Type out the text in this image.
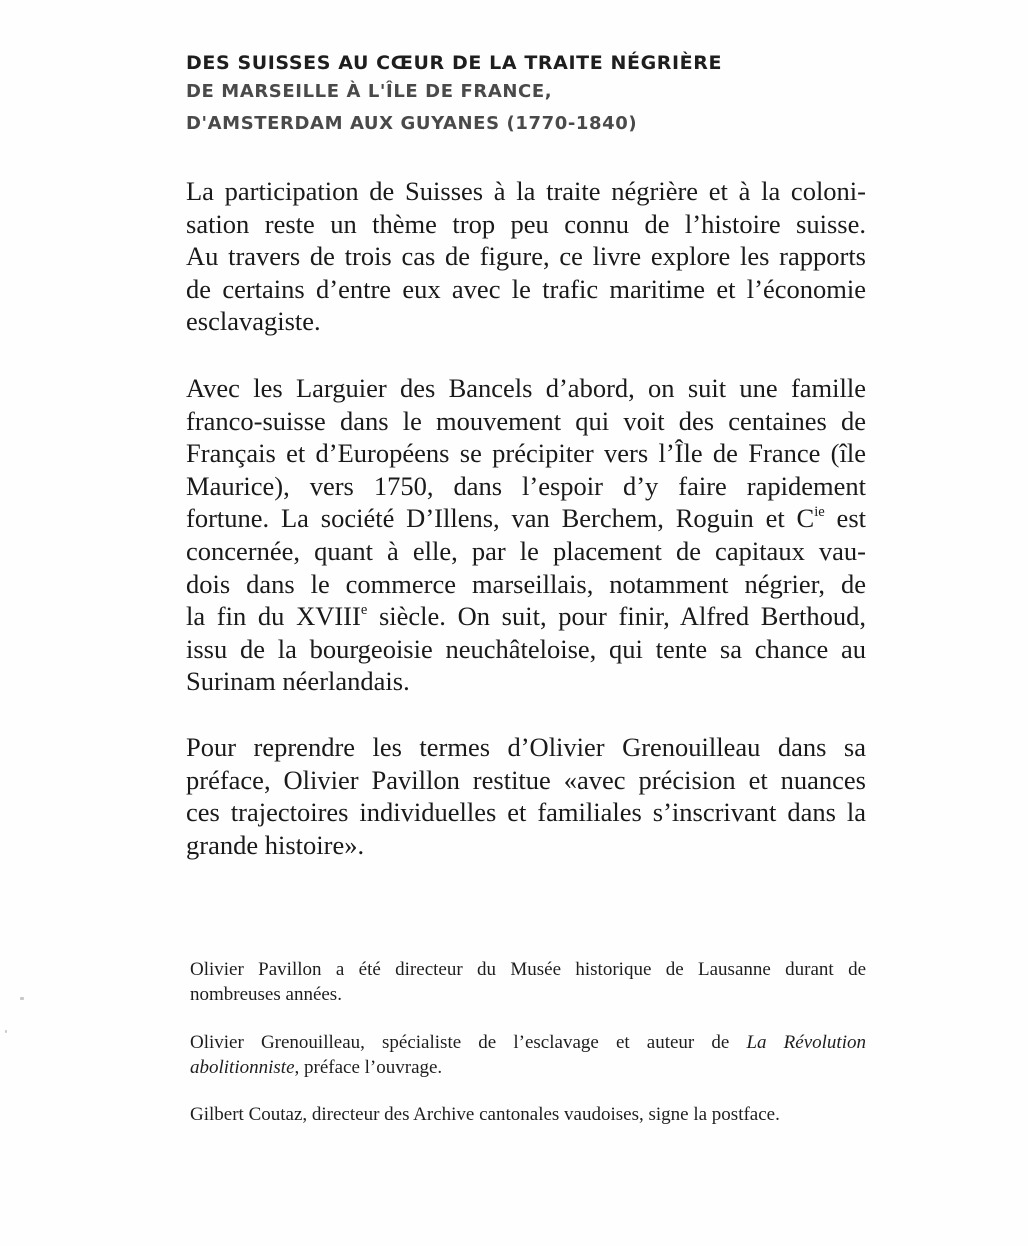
DES SUISSES AU CŒUR DE LA TRAITE NÉGRIÈRE
DE MARSEILLE À L'ÎLE DE FRANCE,
D'AMSTERDAM AUX GUYANES (1770-1840)

La participation de Suisses à la traite négrière et à la coloni-
sation reste un thème trop peu connu de l’histoire suisse.
Au travers de trois cas de figure, ce livre explore les rapports
de certains d’entre eux avec le trafic maritime et l’économie
esclavagiste.

Avec les Larguier des Bancels d’abord, on suit une famille
franco-suisse dans le mouvement qui voit des centaines de
Français et d’Européens se précipiter vers l’Île de France (île
Maurice), vers 1750, dans l’espoir d’y faire rapidement
fortune. La société D’Illens, van Berchem, Roguin et $C^{ie}$ est
concernée, quant à elle, par le placement de capitaux vau-
dois dans le commerce marseillais, notamment négrier, de
la fin du XVIIIe siècle. On suit, pour finir, Alfred Berthoud,
issu de la bourgeoisie neuchâteloise, qui tente sa chance au
Surinam néerlandais.

Pour reprendre les termes d’Olivier Grenouilleau dans sa
préface, Olivier Pavillon restitue «avec précision et nuances
ces trajectoires individuelles et familiales s’inscrivant dans la
grande histoire».

Olivier Pavillon a été directeur du Musée historique de Lausanne durant de
nombreuses années.

Olivier Grenouilleau, spécialiste de l’esclavage et auteur de La Révolution
abolitionniste, préface l’ouvrage.

Gilbert Coutaz, directeur des Archive cantonales vaudoises, signe la postface.
